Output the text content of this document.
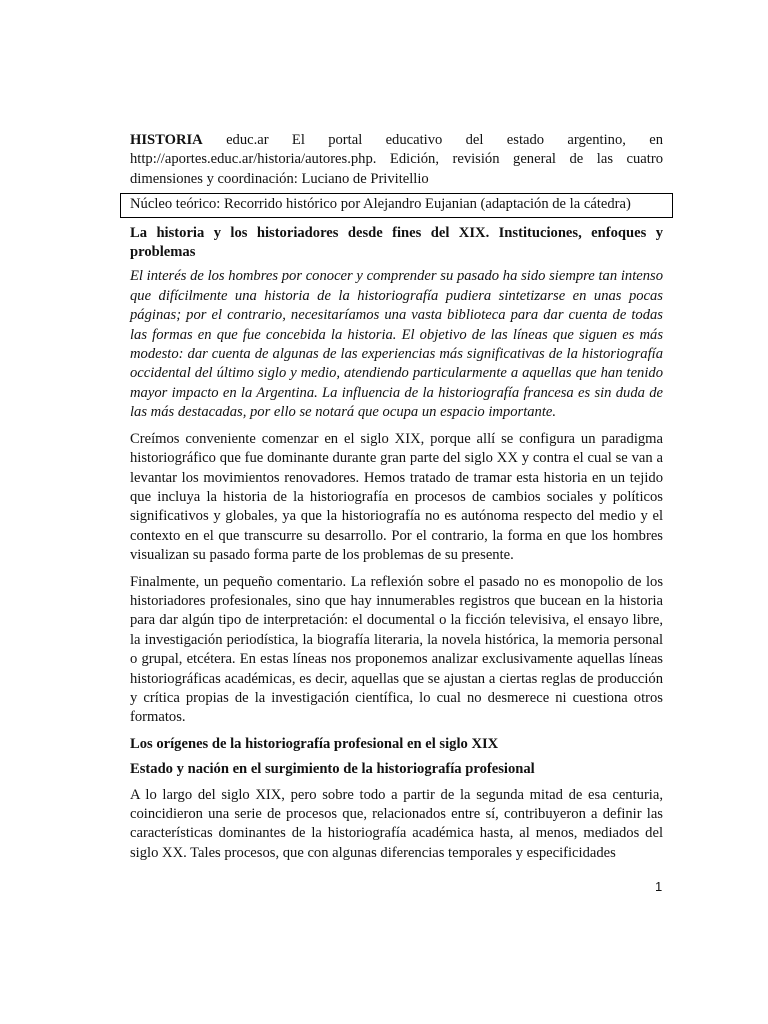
HISTORIA educ.ar El portal educativo del estado argentino, en http://aportes.educ.ar/historia/autores.php. Edición, revisión general de las cuatro dimensiones y coordinación: Luciano de Privitellio

Núcleo teórico: Recorrido histórico por Alejandro Eujanian (adaptación de la cátedra)

La historia y los historiadores desde fines del XIX. Instituciones, enfoques y problemas

El interés de los hombres por conocer y comprender su pasado ha sido siempre tan intenso que difícilmente una historia de la historiografía pudiera sintetizarse en unas pocas páginas; por el contrario, necesitaríamos una vasta biblioteca para dar cuenta de todas las formas en que fue concebida la historia. El objetivo de las líneas que siguen es más modesto: dar cuenta de algunas de las experiencias más significativas de la historiografía occidental del último siglo y medio, atendiendo particularmente a aquellas que han tenido mayor impacto en la Argentina. La influencia de la historiografía francesa es sin duda de las más destacadas, por ello se notará que ocupa un espacio importante.

Creímos conveniente comenzar en el siglo XIX, porque allí se configura un paradigma historiográfico que fue dominante durante gran parte del siglo XX y contra el cual se van a levantar los movimientos renovadores. Hemos tratado de tramar esta historia en un tejido que incluya la historia de la historiografía en procesos de cambios sociales y políticos significativos y globales, ya que la historiografía no es autónoma respecto del medio y el contexto en el que transcurre su desarrollo. Por el contrario, la forma en que los hombres visualizan su pasado forma parte de los problemas de su presente.

Finalmente, un pequeño comentario. La reflexión sobre el pasado no es monopolio de los historiadores profesionales, sino que hay innumerables registros que bucean en la historia para dar algún tipo de interpretación: el documental o la ficción televisiva, el ensayo libre, la investigación periodística, la biografía literaria, la novela histórica, la memoria personal o grupal, etcétera. En estas líneas nos proponemos analizar exclusivamente aquellas líneas historiográficas académicas, es decir, aquellas que se ajustan a ciertas reglas de producción y crítica propias de la investigación científica, lo cual no desmerece ni cuestiona otros formatos.

Los orígenes de la historiografía profesional en el siglo XIX

Estado y nación en el surgimiento de la historiografía profesional

A lo largo del siglo XIX, pero sobre todo a partir de la segunda mitad de esa centuria, coincidieron una serie de procesos que, relacionados entre sí, contribuyeron a definir las características dominantes de la historiografía académica hasta, al menos, mediados del siglo XX. Tales procesos, que con algunas diferencias temporales y especificidades

1
